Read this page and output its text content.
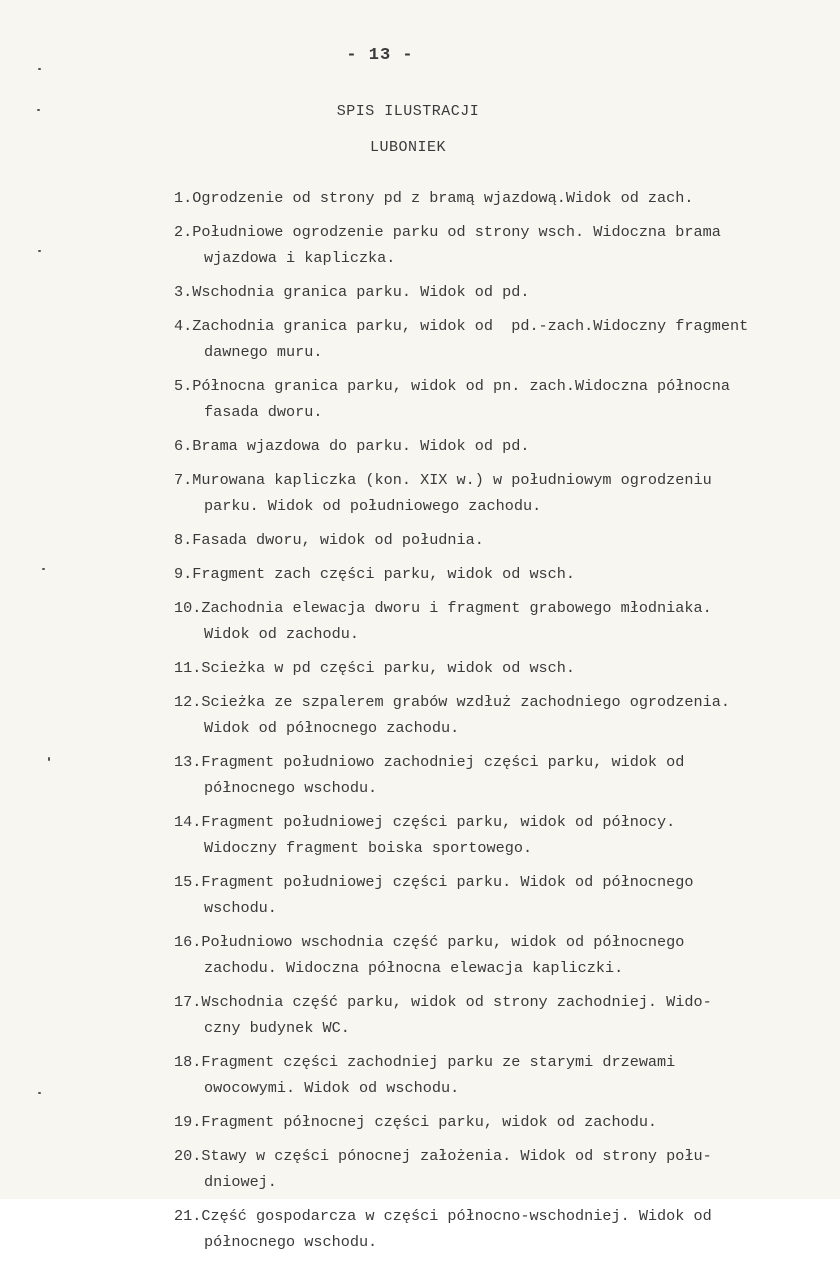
- 13 -
SPIS ILUSTRACJI
LUBONIEK
1.Ogrodzenie od strony pd z bramą wjazdową.Widok od zach.
2.Południowe ogrodzenie parku od strony wsch. Widoczna brama
wjazdowa i kapliczka.
3.Wschodnia granica parku. Widok od pd.
4.Zachodnia granica parku, widok od  pd.-zach.Widoczny fragment
dawnego muru.
5.Północna granica parku, widok od pn. zach.Widoczna północna
fasada dworu.
6.Brama wjazdowa do parku. Widok od pd.
7.Murowana kapliczka (kon. XIX w.) w południowym ogrodzeniu
parku. Widok od południowego zachodu.
8.Fasada dworu, widok od południa.
9.Fragment zach części parku, widok od wsch.
10.Zachodnia elewacja dworu i fragment grabowego młodniaka.
Widok od zachodu.
11.Scieżka w pd części parku, widok od wsch.
12.Scieżka ze szpalerem grabów wzdłuż zachodniego ogrodzenia.
Widok od północnego zachodu.
13.Fragment południowo zachodniej części parku, widok od
północnego wschodu.
14.Fragment południowej części parku, widok od północy.
Widoczny fragment boiska sportowego.
15.Fragment południowej części parku. Widok od północnego
wschodu.
16.Południowo wschodnia część parku, widok od północnego
zachodu. Widoczna północna elewacja kapliczki.
17.Wschodnia część parku, widok od strony zachodniej. Wido-
czny budynek WC.
18.Fragment części zachodniej parku ze starymi drzewami
owocowymi. Widok od wschodu.
19.Fragment północnej części parku, widok od zachodu.
20.Stawy w części pónocnej założenia. Widok od strony połu-
dniowej.
21.Część gospodarcza w części północno-wschodniej. Widok od
północnego wschodu.
